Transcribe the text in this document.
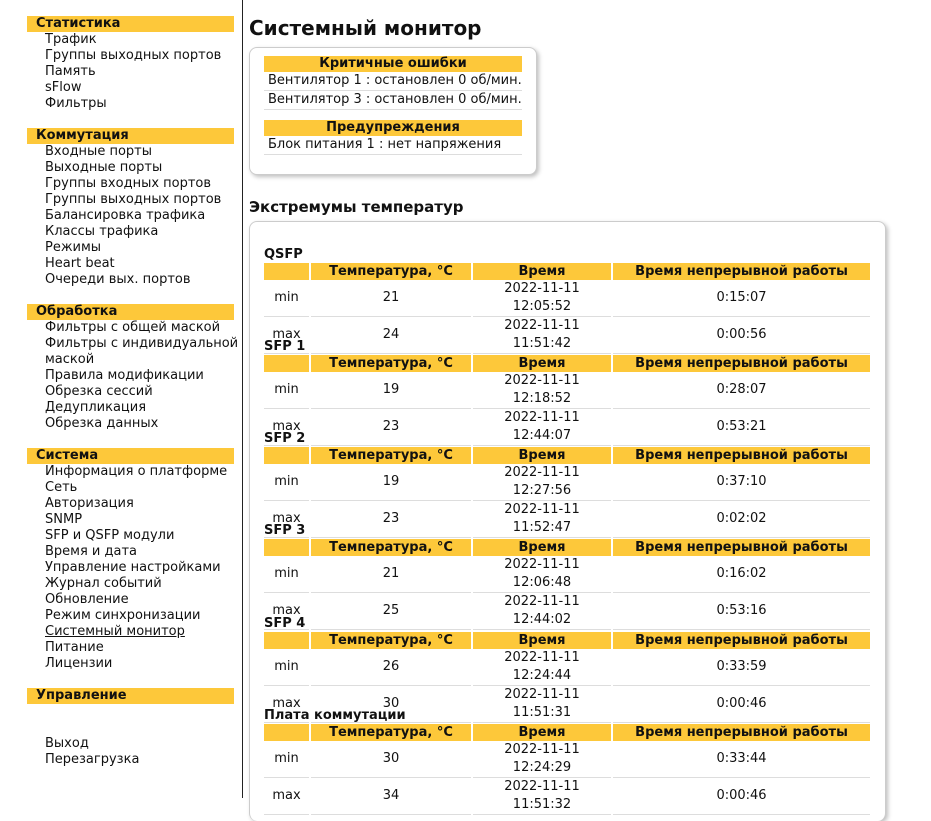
Статистика
Трафик
Группы выходных портов
Память
sFlow
Фильтры
Коммутация
Входные порты
Выходные порты
Группы входных портов
Группы выходных портов
Балансировка трафика
Классы трафика
Режимы
Heart beat
Очереди вых. портов
Обработка
Фильтры с общей маской
Фильтры с индивидуальной маской
Правила модификации
Обрезка сессий
Дедупликация
Обрезка данных
Система
Информация о платформе
Сеть
Авторизация
SNMP
SFP и QSFP модули
Время и дата
Управление настройками
Журнал событий
Обновление
Режим синхронизации
Системный монитор
Питание
Лицензии
Управление
Выход
Перезагрузка
Системный монитор
Критичные ошибки
Вентилятор 1 : остановлен 0 об/мин.
Вентилятор 3 : остановлен 0 об/мин.
Предупреждения
Блок питания 1 : нет напряжения
Экстремумы температур
QSFP
	Температура, °C	Время	Время непрерывной работы
min	21	2022-11-11 12:05:52	0:15:07
max	24	2022-11-11 11:51:42	0:00:56
SFP 1
	Температура, °C	Время	Время непрерывной работы
min	19	2022-11-11 12:18:52	0:28:07
max	23	2022-11-11 12:44:07	0:53:21
SFP 2
	Температура, °C	Время	Время непрерывной работы
min	19	2022-11-11 12:27:56	0:37:10
max	23	2022-11-11 11:52:47	0:02:02
SFP 3
	Температура, °C	Время	Время непрерывной работы
min	21	2022-11-11 12:06:48	0:16:02
max	25	2022-11-11 12:44:02	0:53:16
SFP 4
	Температура, °C	Время	Время непрерывной работы
min	26	2022-11-11 12:24:44	0:33:59
max	30	2022-11-11 11:51:31	0:00:46
Плата коммутации
	Температура, °C	Время	Время непрерывной работы
min	30	2022-11-11 12:24:29	0:33:44
max	34	2022-11-11 11:51:32	0:00:46
